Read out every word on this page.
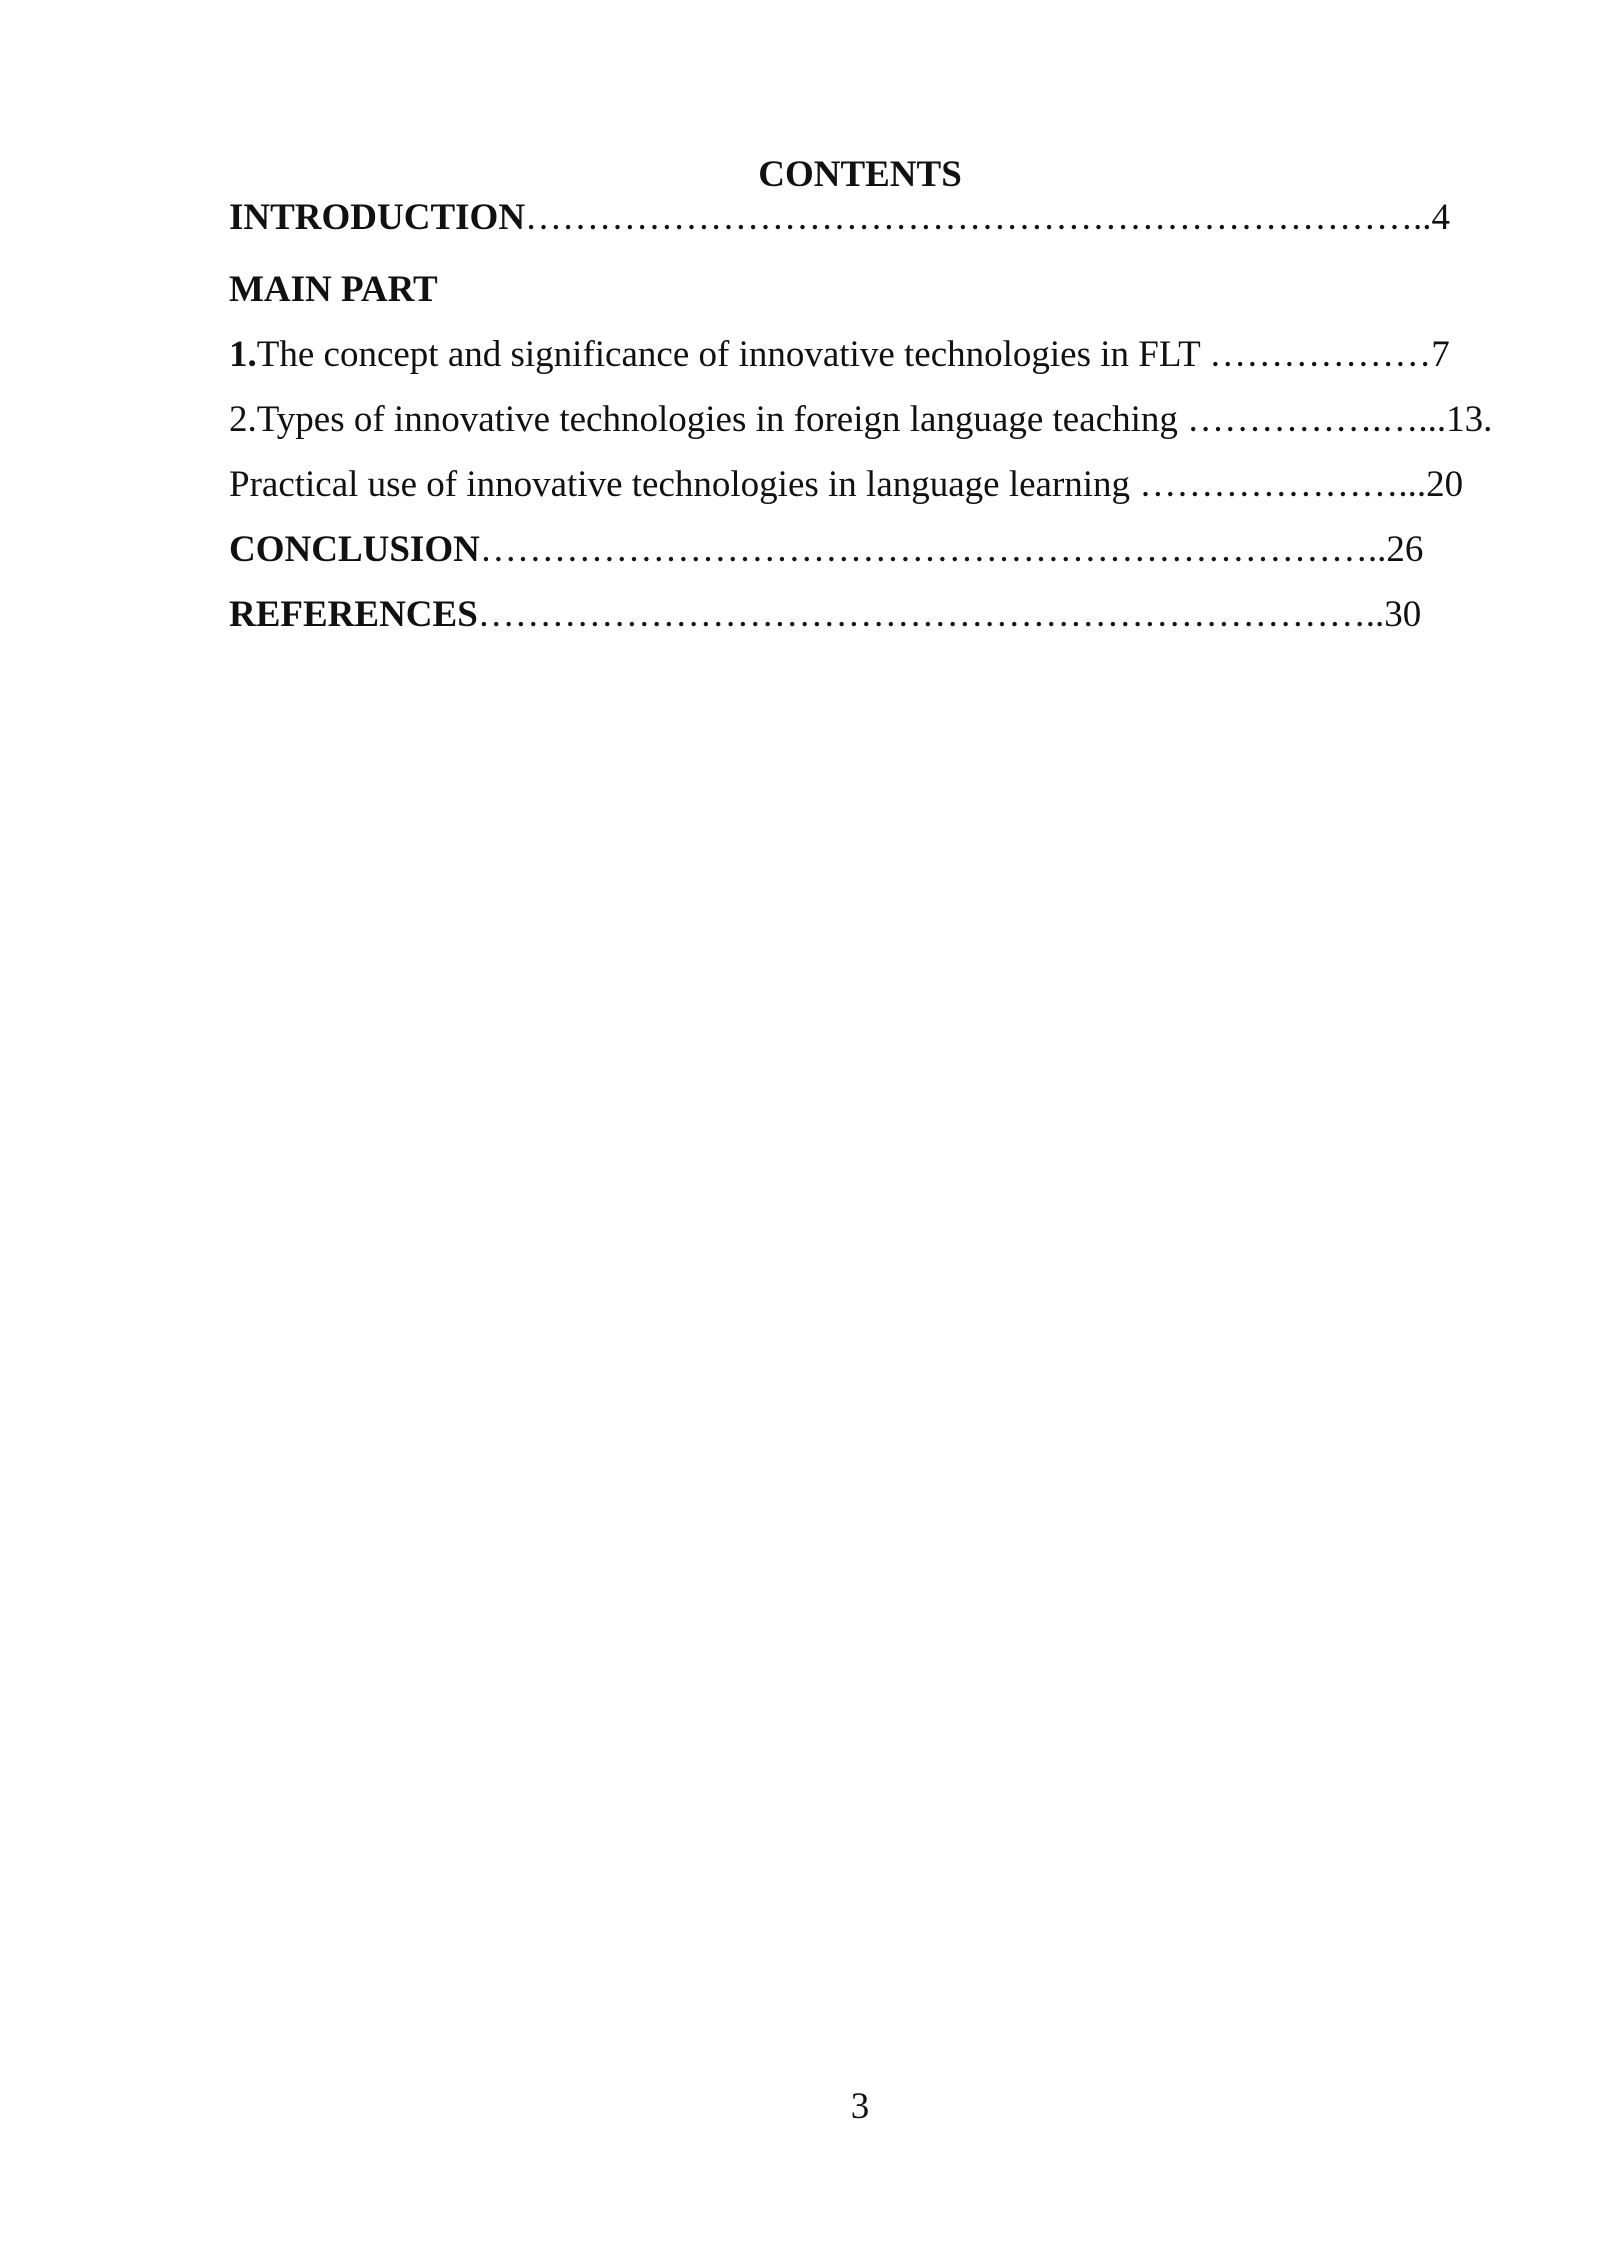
CONTENTS
INTRODUCTION………………………………………………………………..4
MAIN PART
1.The concept and significance of innovative technologies in FLT ………………7
2.Types of innovative technologies in foreign language teaching …………….…...13.
Practical use of innovative technologies in language learning …………………...20
CONCLUSION………………………………………………………………..26
REFERENCES………………………………………………………………..30
3
